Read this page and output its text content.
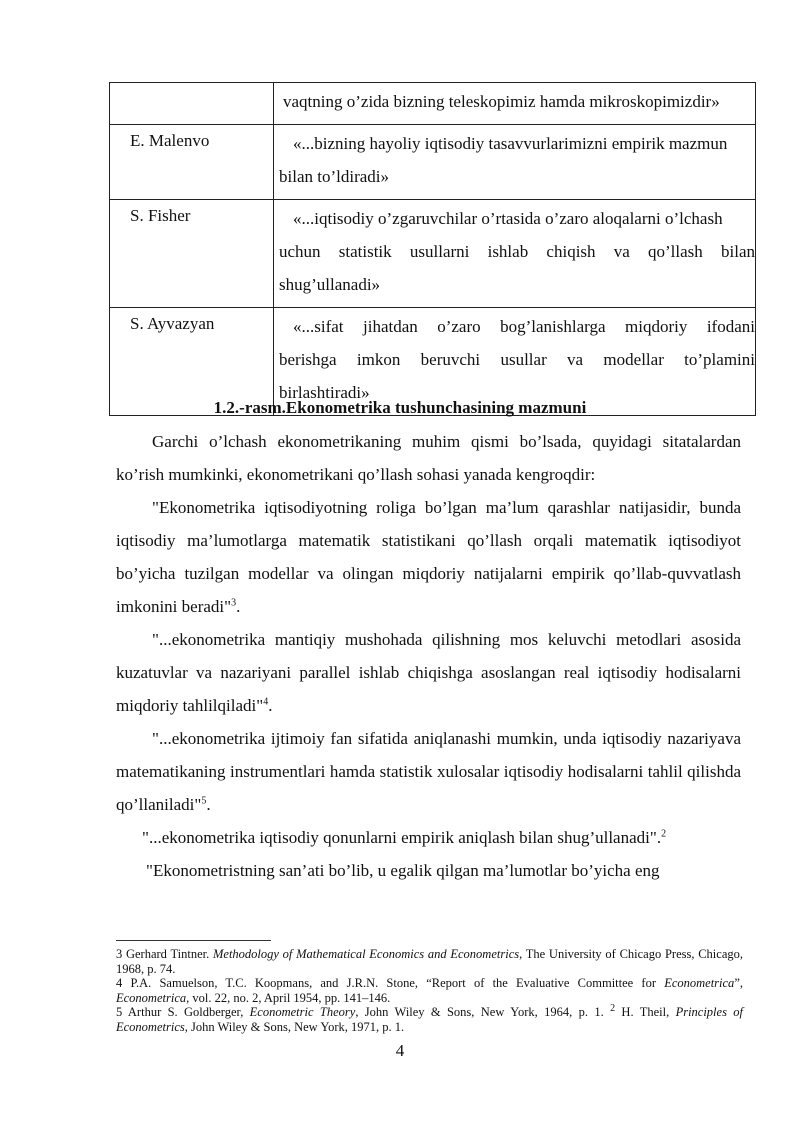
	vaqtning o’zida bizning teleskopimiz hamda mikroskopimizdir»

E. Malenvo	«...bizning hayoliy iqtisodiy tasavvurlarimizni empirik mazmun
bilan to’ldiradi»

S. Fisher	«...iqtisodiy o’zgaruvchilar o’rtasida o’zaro aloqalarni o’lchash
uchun statistik usullarni ishlab chiqish va qo’llash bilan
shug’ullanadi»

S. Ayvazyan	«...sifat jihatdan o’zaro bog’lanishlarga miqdoriy ifodani
berishga imkon beruvchi usullar va modellar to’plamini
birlashtiradi»
1.2.-rasm.Ekonometrika tushunchasining mazmuni

Garchi o’lchash ekonometrikaning muhim qismi bo’lsada, quyidagi sitatalardan ko’rish mumkinki, ekonometrikani qo’llash sohasi yanada kengroqdir:

"Ekonometrika iqtisodiyotning roliga bo’lgan ma’lum qarashlar natijasidir, bunda iqtisodiy ma’lumotlarga matematik statistikani qo’llash orqali matematik iqtisodiyot bo’yicha tuzilgan modellar va olingan miqdoriy natijalarni empirik qo’llab-quvvatlash imkonini beradi"$^3$.

"...ekonometrika mantiqiy mushohada qilishning mos keluvchi metodlari asosida kuzatuvlar va nazariyani parallel ishlab chiqishga asoslangan real iqtisodiy hodisalarni miqdoriy tahlilqiladi"$^4$.

"...ekonometrika ijtimoiy fan sifatida aniqlanashi mumkin, unda iqtisodiy nazariyava matematikaning instrumentlari hamda statistik xulosalar iqtisodiy hodisalarni tahlil qilishda qo’llaniladi"$^5$.

"...ekonometrika iqtisodiy qonunlarni empirik aniqlash bilan shug’ullanadi".$^2$

"Ekonometristning san’ati bo’lib, u egalik qilgan ma’lumotlar bo’yicha eng

3 Gerhard Tintner. Methodology of Mathematical Economics and Econometrics, The University of Chicago Press, Chicago, 1968, p. 74.

4 P.A. Samuelson, T.C. Koopmans, and J.R.N. Stone, “Report of the Evaluative Committee for Econometrica”, Econometrica, vol. 22, no. 2, April 1954, pp. 141–146.

5 Arthur S. Goldberger, Econometric Theory, John Wiley & Sons, New York, 1964, p. 1. $^2$ H. Theil, Principles of Econometrics, John Wiley & Sons, New York, 1971, p. 1.

4
